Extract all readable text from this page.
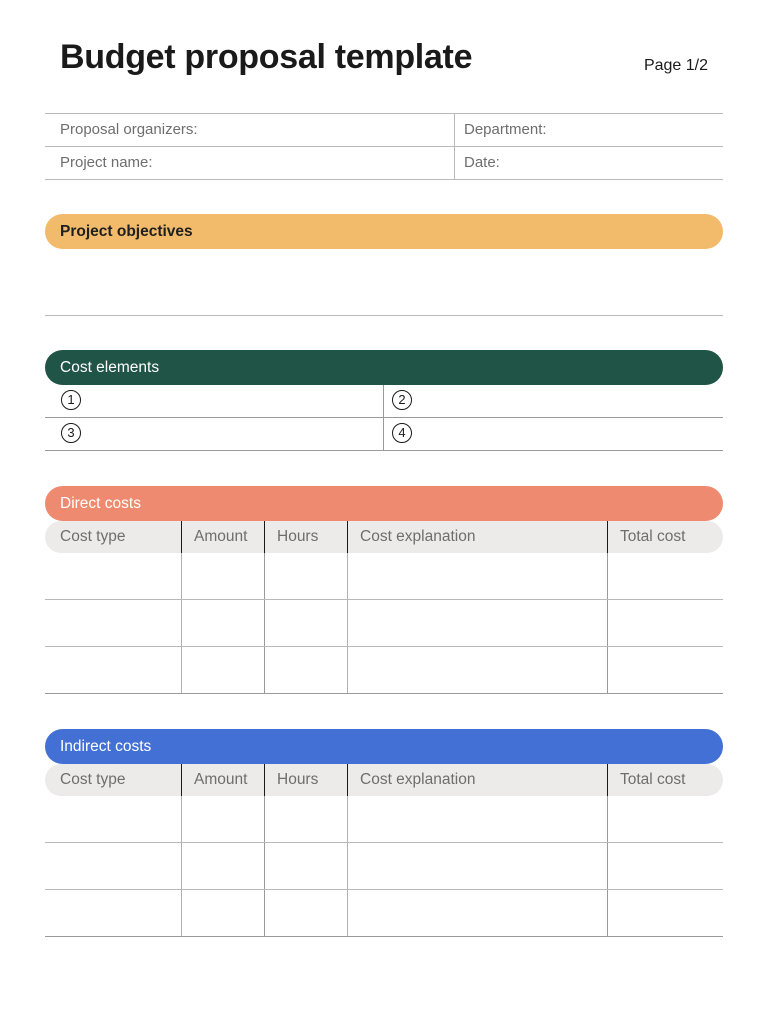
Budget proposal template	Page 1/2
Proposal organizers:	Department:
Project name:	Date:
Project objectives
Cost elements
1	2
3	4
Direct costs
Cost type	Amount	Hours	Cost explanation	Total cost
Indirect costs
Cost type	Amount	Hours	Cost explanation	Total cost
